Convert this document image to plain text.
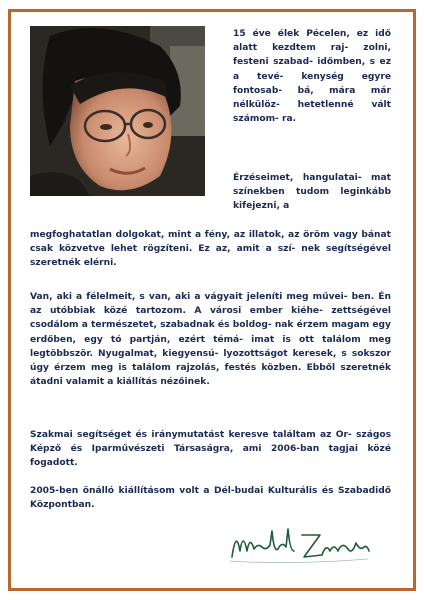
15 éve élek Pécelen, ez idő alatt kezdtem raj- zolni, festeni szabad- időmben, s ez a tevé- kenység egyre fontosab- bá, mára már nélkülöz- hetetlenné vált számom- ra.
Érzéseimet, hangulatai- mat színekben tudom leginkább kifejezni, a
megfoghatatlan dolgokat, mint a fény, az illatok, az öröm vagy bánat csak közvetve lehet rögzíteni. Ez az, amit a szí- nek segítségével szeretnék elérni.
Van, aki a félelmeit, s van, aki a vágyait jeleníti meg művei- ben. Én az utóbbiak közé tartozom. A városi ember kiéhe- zettségével csodálom a természetet, szabadnak és boldog- nak érzem magam egy erdőben, egy tó partján, ezért témá- imat is ott találom meg legtöbbször. Nyugalmat, kiegyensú- lyozottságot keresek, s sokszor úgy érzem meg is találom rajzolás, festés közben. Ebből szeretnék átadni valamit a kiállítás nézőinek.
Szakmai segítséget és iránymutatást keresve találtam az Or- szágos Képző és Iparművészeti Társaságra, ami 2006-ban tagjai közé fogadott.
2005-ben önálló kiállításom volt a Dél-budai Kulturális és Szabadidő Központban.
